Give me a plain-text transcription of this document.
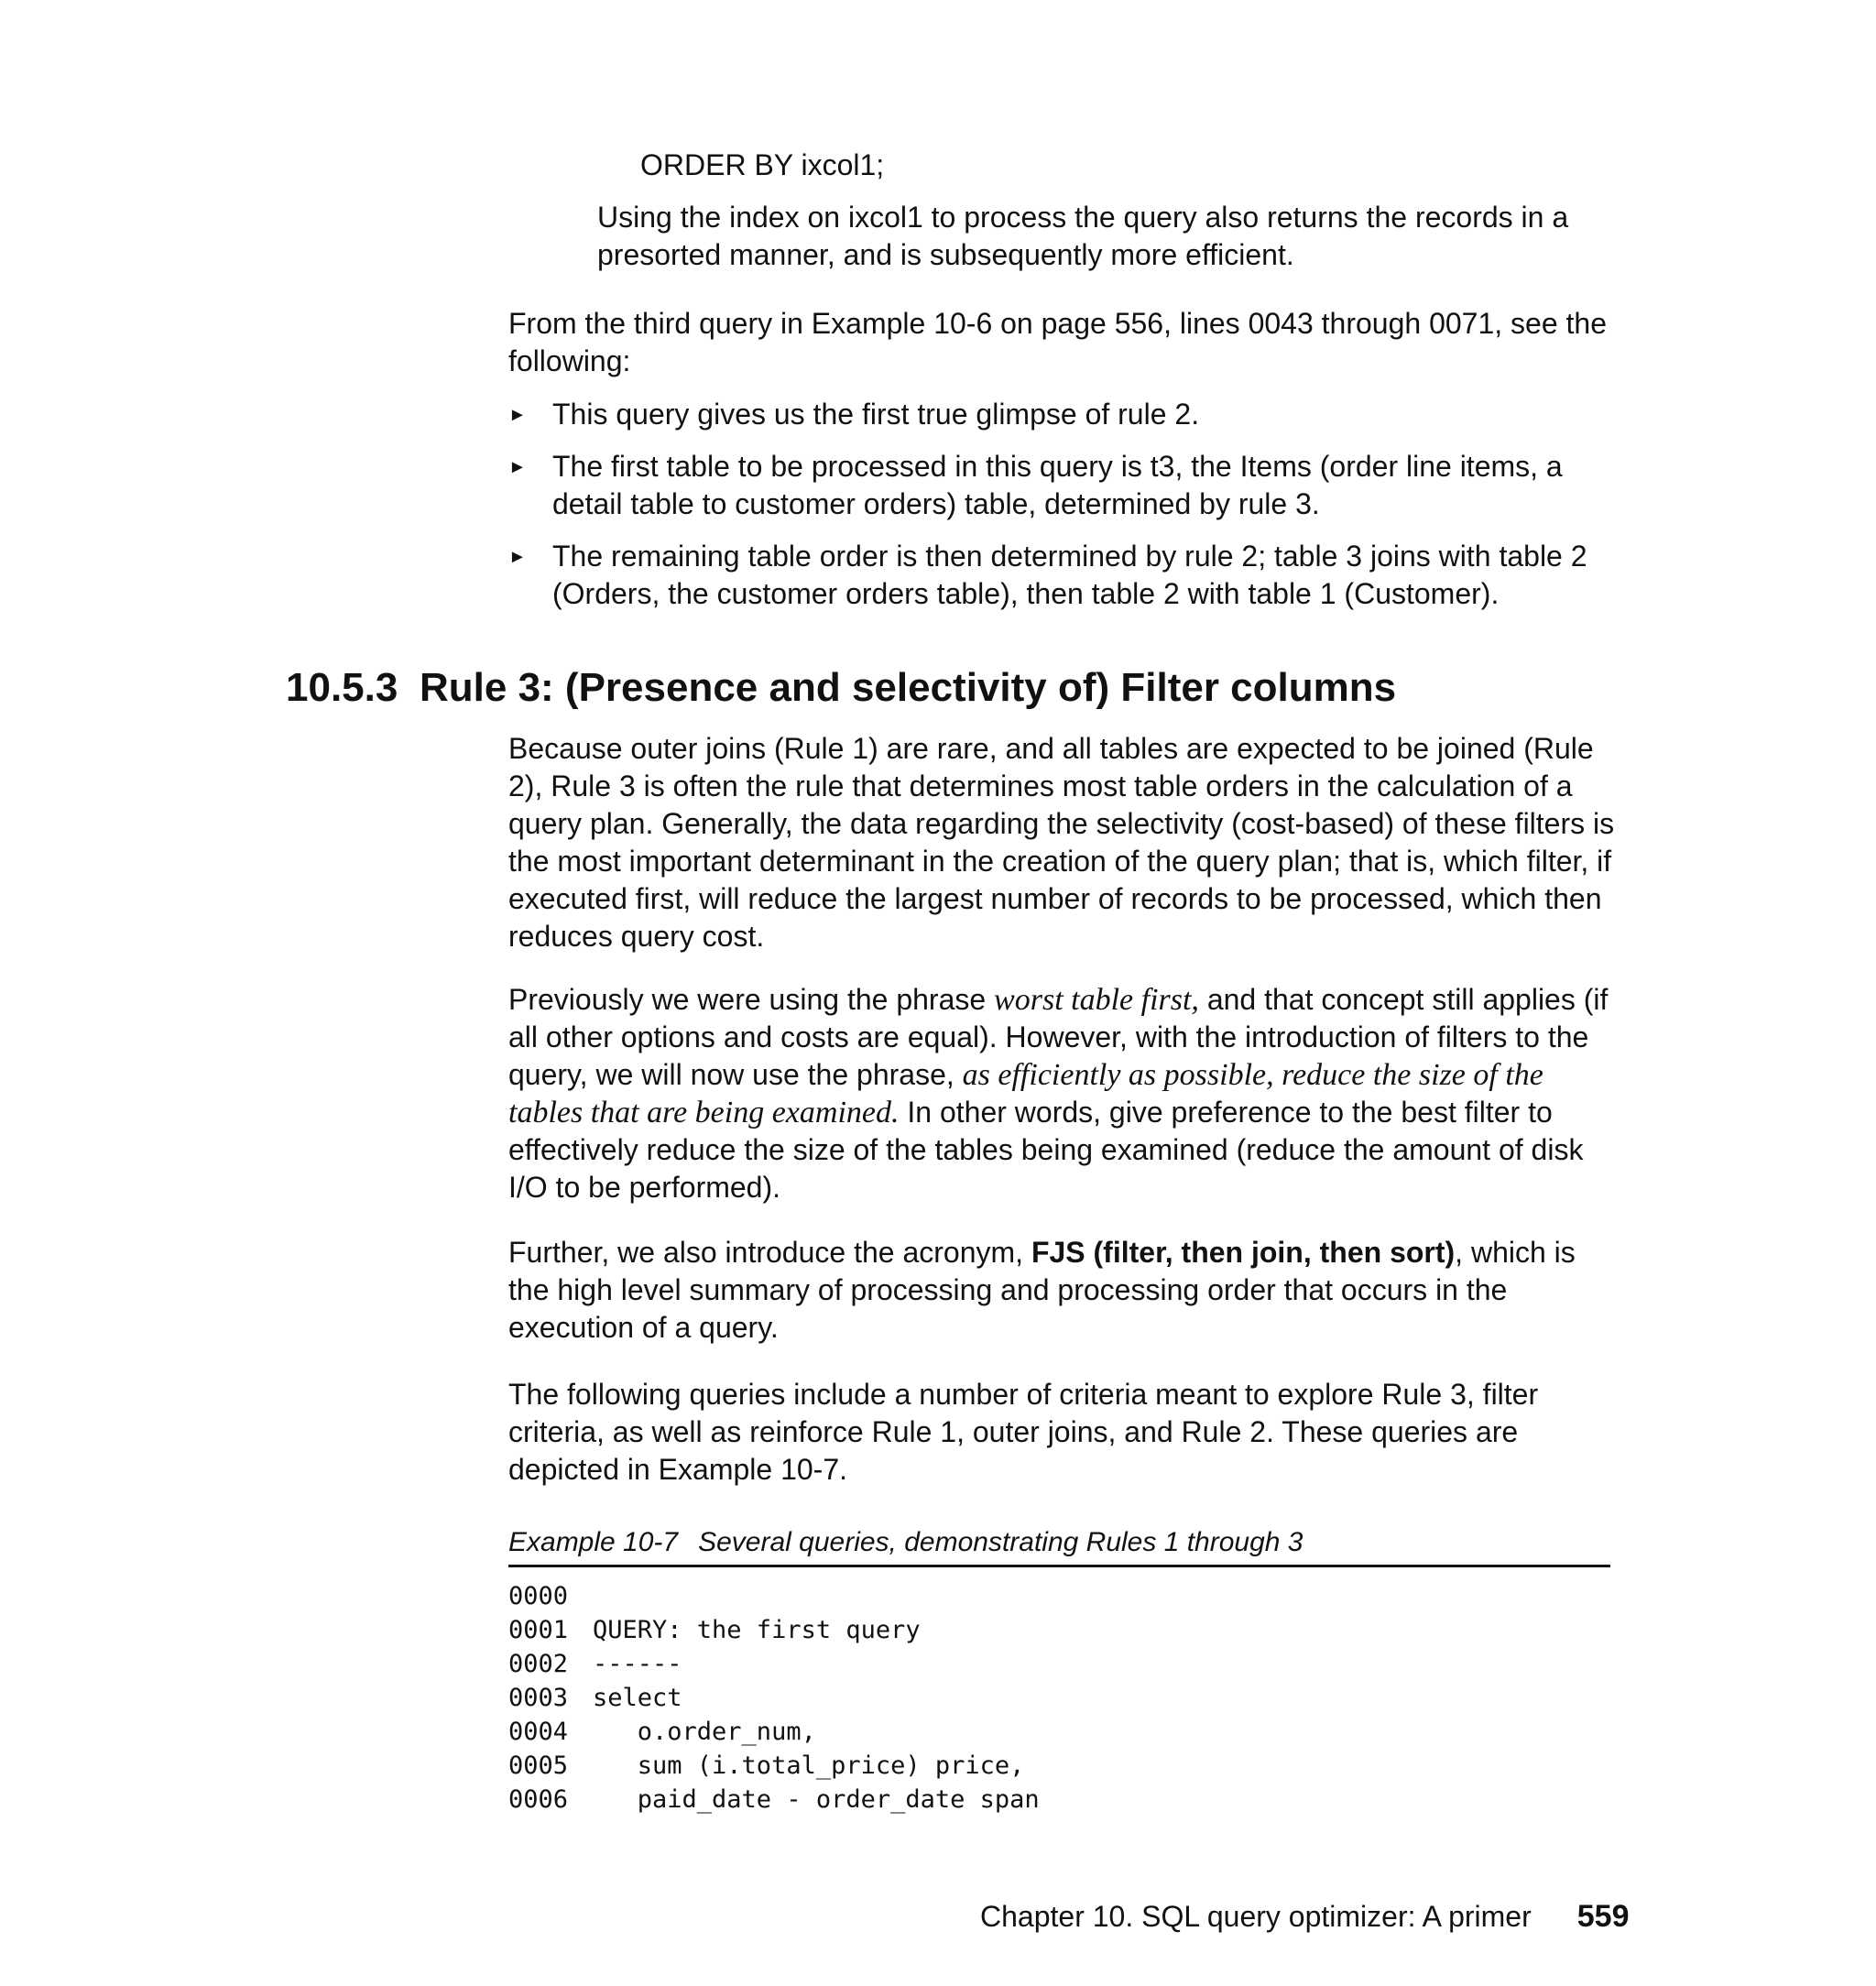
ORDER BY ixcol1;

Using the index on ixcol1 to process the query also returns the records in a presorted manner, and is subsequently more efficient.

From the third query in Example 10-6 on page 556, lines 0043 through 0071, see the following:

► This query gives us the first true glimpse of rule 2.

► The first table to be processed in this query is t3, the Items (order line items, a detail table to customer orders) table, determined by rule 3.

► The remaining table order is then determined by rule 2; table 3 joins with table 2 (Orders, the customer orders table), then table 2 with table 1 (Customer).

10.5.3 Rule 3: (Presence and selectivity of) Filter columns

Because outer joins (Rule 1) are rare, and all tables are expected to be joined (Rule 2), Rule 3 is often the rule that determines most table orders in the calculation of a query plan. Generally, the data regarding the selectivity (cost-based) of these filters is the most important determinant in the creation of the query plan; that is, which filter, if executed first, will reduce the largest number of records to be processed, which then reduces query cost.

Previously we were using the phrase worst table first, and that concept still applies (if all other options and costs are equal). However, with the introduction of filters to the query, we will now use the phrase, as efficiently as possible, reduce the size of the tables that are being examined. In other words, give preference to the best filter to effectively reduce the size of the tables being examined (reduce the amount of disk I/O to be performed).

Further, we also introduce the acronym, FJS (filter, then join, then sort), which is the high level summary of processing and processing order that occurs in the execution of a query.

The following queries include a number of criteria meant to explore Rule 3, filter criteria, as well as reinforce Rule 1, outer joins, and Rule 2. These queries are depicted in Example 10-7.

Example 10-7 Several queries, demonstrating Rules 1 through 3

0000
0001 QUERY: the first query
0002 ------
0003 select
0004 o.order_num,
0005 sum (i.total_price) price,
0006 paid_date - order_date span
Chapter 10. SQL query optimizer: A primer 559
